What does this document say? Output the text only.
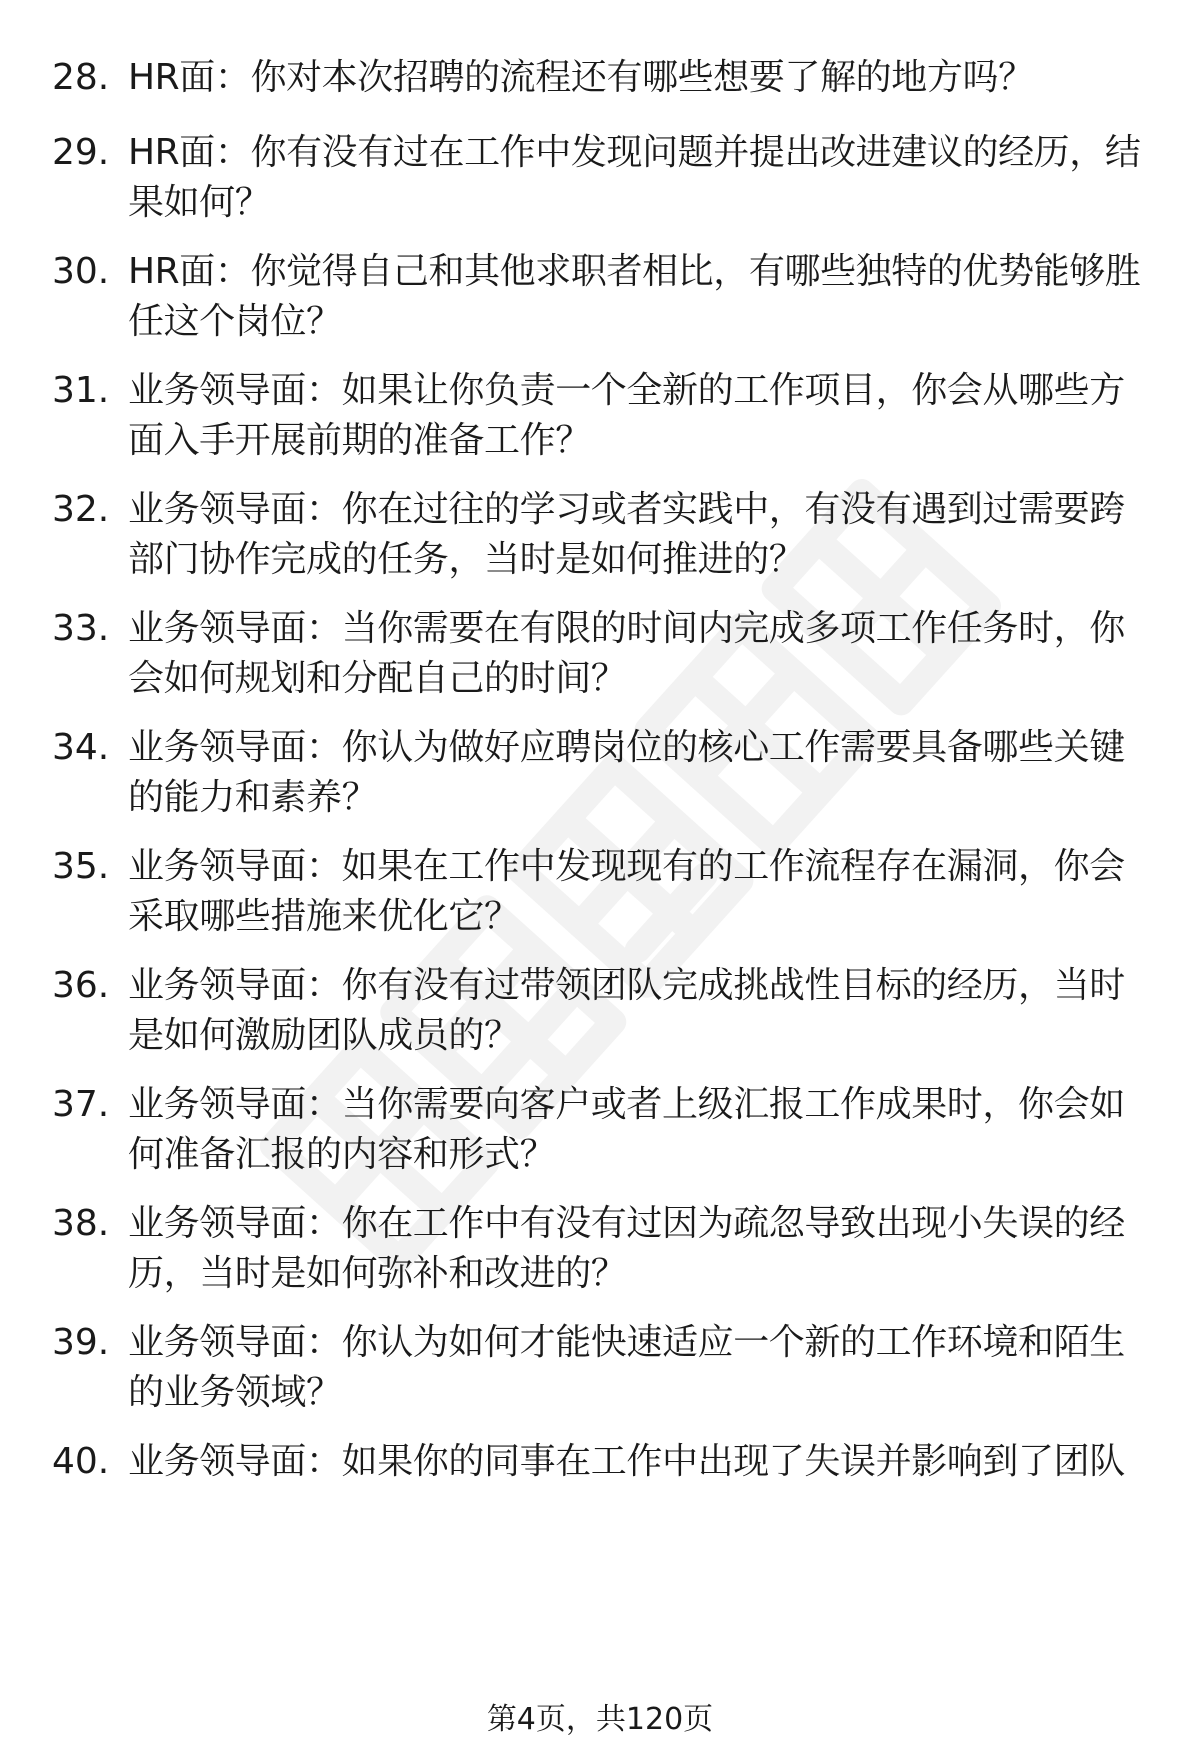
28. HR面：你对本次招聘的流程还有哪些想要了解的地方吗？
29. HR面：你有没有过在工作中发现问题并提出改进建议的经历，结果如何？
30. HR面：你觉得自己和其他求职者相比，有哪些独特的优势能够胜任这个岗位？
31. 业务领导面：如果让你负责一个全新的工作项目，你会从哪些方面入手开展前期的准备工作？
32. 业务领导面：你在过往的学习或者实践中，有没有遇到过需要跨部门协作完成的任务，当时是如何推进的？
33. 业务领导面：当你需要在有限的时间内完成多项工作任务时，你会如何规划和分配自己的时间？
34. 业务领导面：你认为做好应聘岗位的核心工作需要具备哪些关键的能力和素养？
35. 业务领导面：如果在工作中发现现有的工作流程存在漏洞，你会采取哪些措施来优化它？
36. 业务领导面：你有没有过带领团队完成挑战性目标的经历，当时是如何激励团队成员的？
37. 业务领导面：当你需要向客户或者上级汇报工作成果时，你会如何准备汇报的内容和形式？
38. 业务领导面：你在工作中有没有过因为疏忽导致出现小失误的经历，当时是如何弥补和改进的？
39. 业务领导面：你认为如何才能快速适应一个新的工作环境和陌生的业务领域？
40. 业务领导面：如果你的同事在工作中出现了失误并影响到了团队
第4页，共120页
